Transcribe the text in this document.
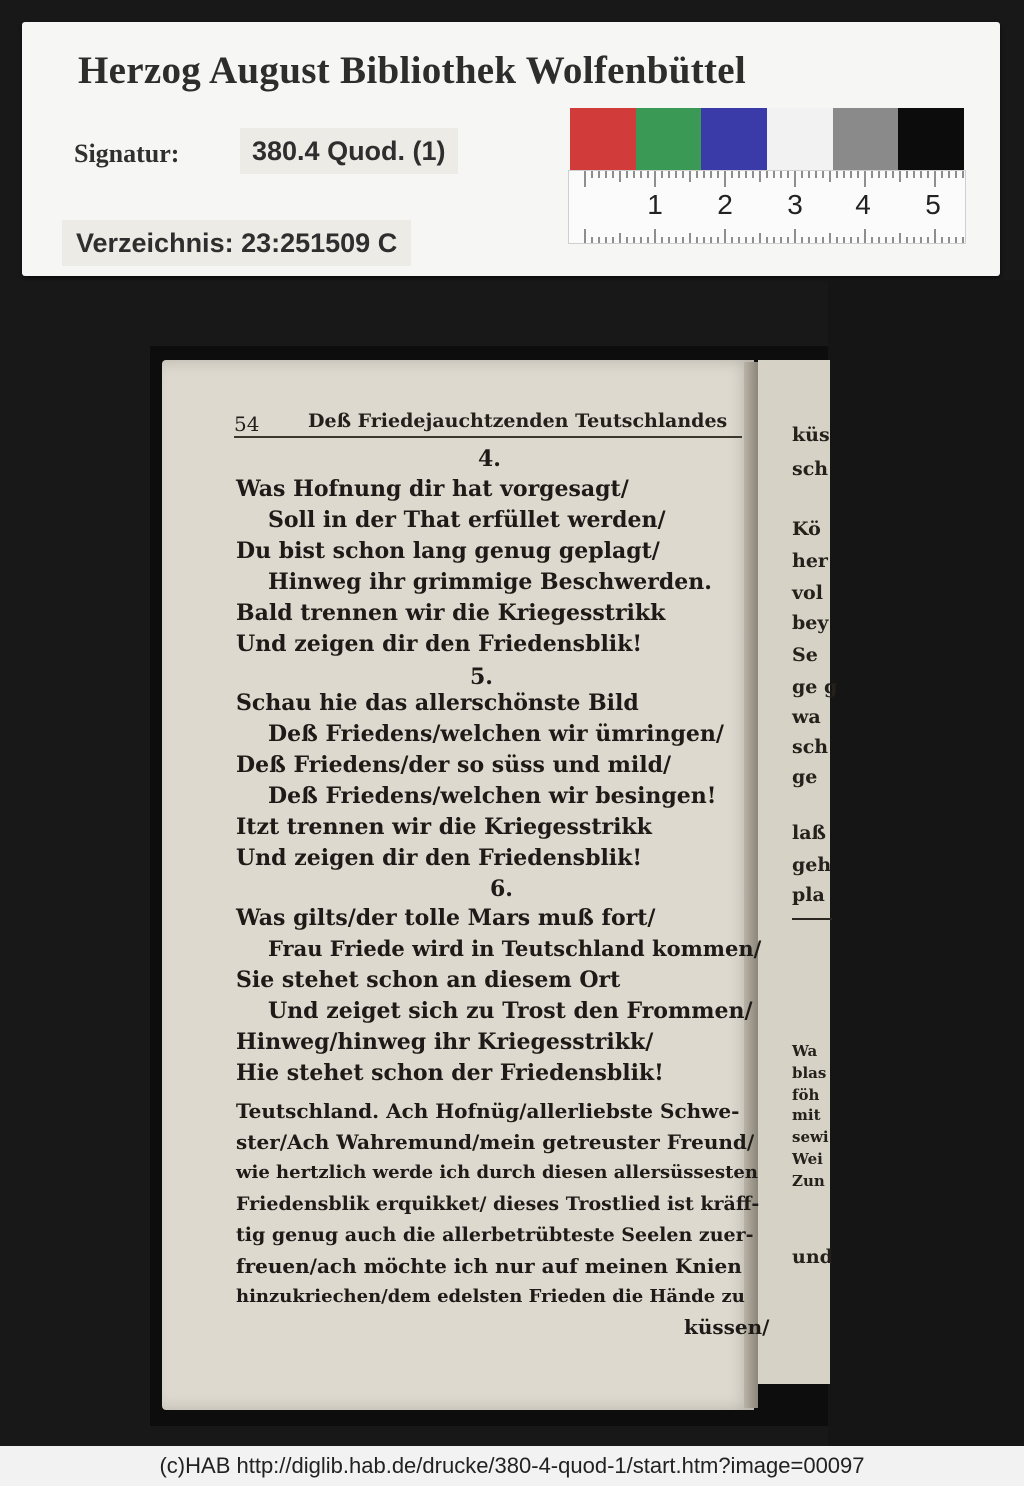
Herzog August Bibliothek Wolfenbüttel
Signatur:	380.4 Quod. (1)
Verzeichnis: 23:251509 C
1 2 3 4 5
küs
sch
Kö
her
vol
bey
Se
ge g
wa
sch
ge
laß
geh
pla
Wa
blas
föh
mit
sewi
Wei
Zun
und
54	Deß Friedejauchtzenden Teutschlandes
4.
Was Hofnung dir hat vorgesagt/
Soll in der That erfüllet werden/
Du bist schon lang genug geplagt/
Hinweg ihr grimmige Beschwerden.
Bald trennen wir die Kriegesstrikk
Und zeigen dir den Friedensblik!
5.
Schau hie das allerschönste Bild
Deß Friedens/welchen wir ümringen/
Deß Friedens/der so süss und mild/
Deß Friedens/welchen wir besingen!
Itzt trennen wir die Kriegesstrikk
Und zeigen dir den Friedensblik!
6.
Was gilts/der tolle Mars muß fort/
Frau Friede wird in Teutschland kommen/
Sie stehet schon an diesem Ort
Und zeiget sich zu Trost den Frommen/
Hinweg/hinweg ihr Kriegesstrikk/
Hie stehet schon der Friedensblik!
Teutschland. Ach Hofnüg/allerliebste Schwe-
ster/Ach Wahremund/mein getreuster Freund/
wie hertzlich werde ich durch diesen allersüssesten
Friedensblik erquikket/ dieses Trostlied ist kräff-
tig genug auch die allerbetrübteste Seelen zuer-
freuen/ach möchte ich nur auf meinen Knien
hinzukriechen/dem edelsten Frieden die Hände zu
küssen/
(c)HAB http://diglib.hab.de/drucke/380-4-quod-1/start.htm?image=00097
